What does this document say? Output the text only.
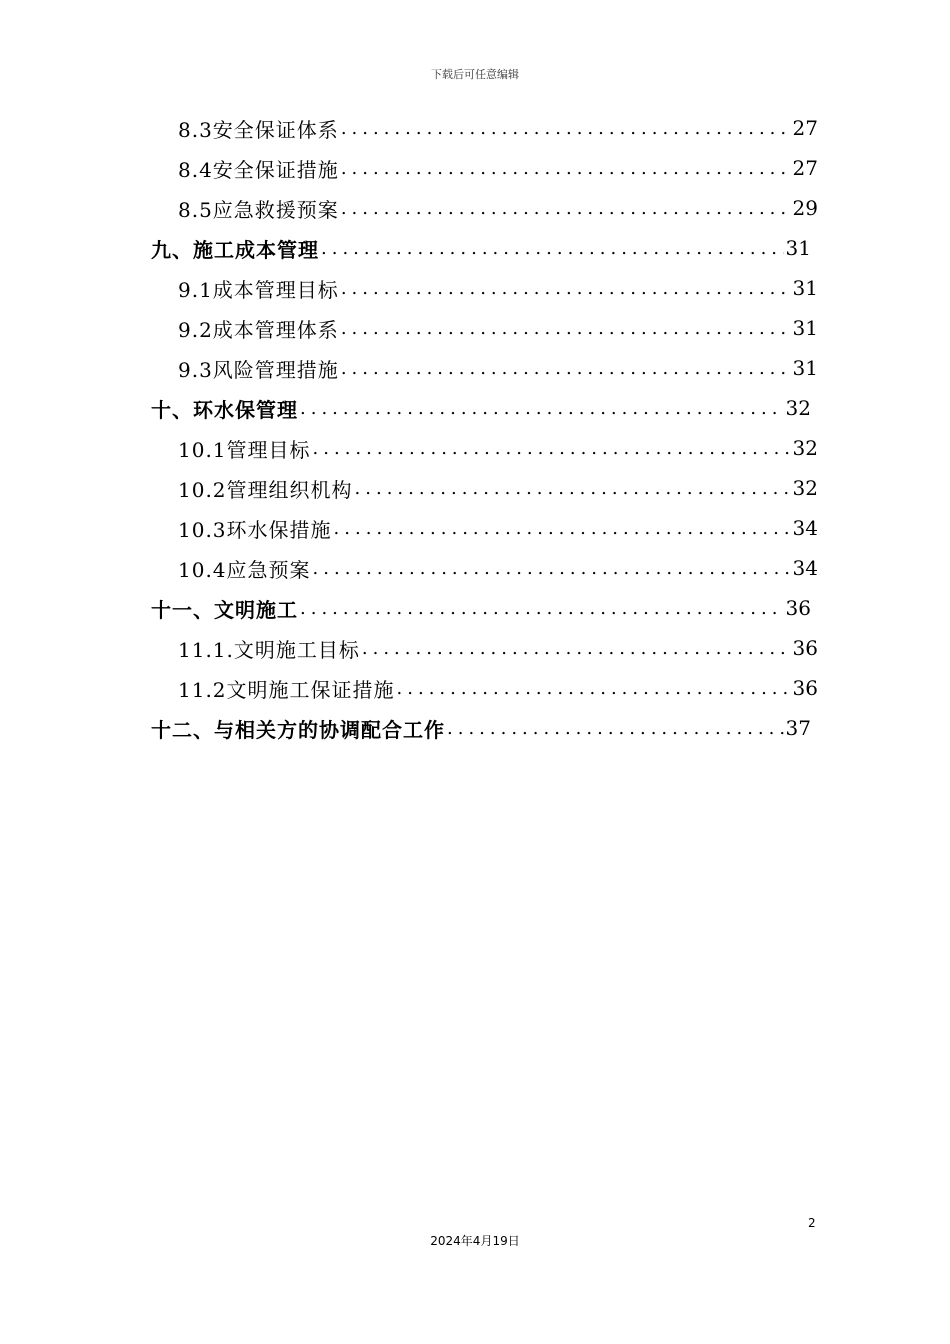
下载后可任意编辑
8.3安全保证体系 .....	27
8.4安全保证措施 .....	27
8.5应急救援预案 .....	29
九、施工成本管理 .....	31
9.1成本管理目标 .....	31
9.2成本管理体系 .....	31
9.3风险管理措施 .....	31
十、环水保管理 .....	32
10.1管理目标 .....	32
10.2管理组织机构 .....	32
10.3环水保措施 .....	34
10.4应急预案 .....	34
十一、文明施工 .....	36
11.1.文明施工目标 .....	36
11.2文明施工保证措施 .....	36
十二、与相关方的协调配合工作 .....	37
2
2024年4月19日
